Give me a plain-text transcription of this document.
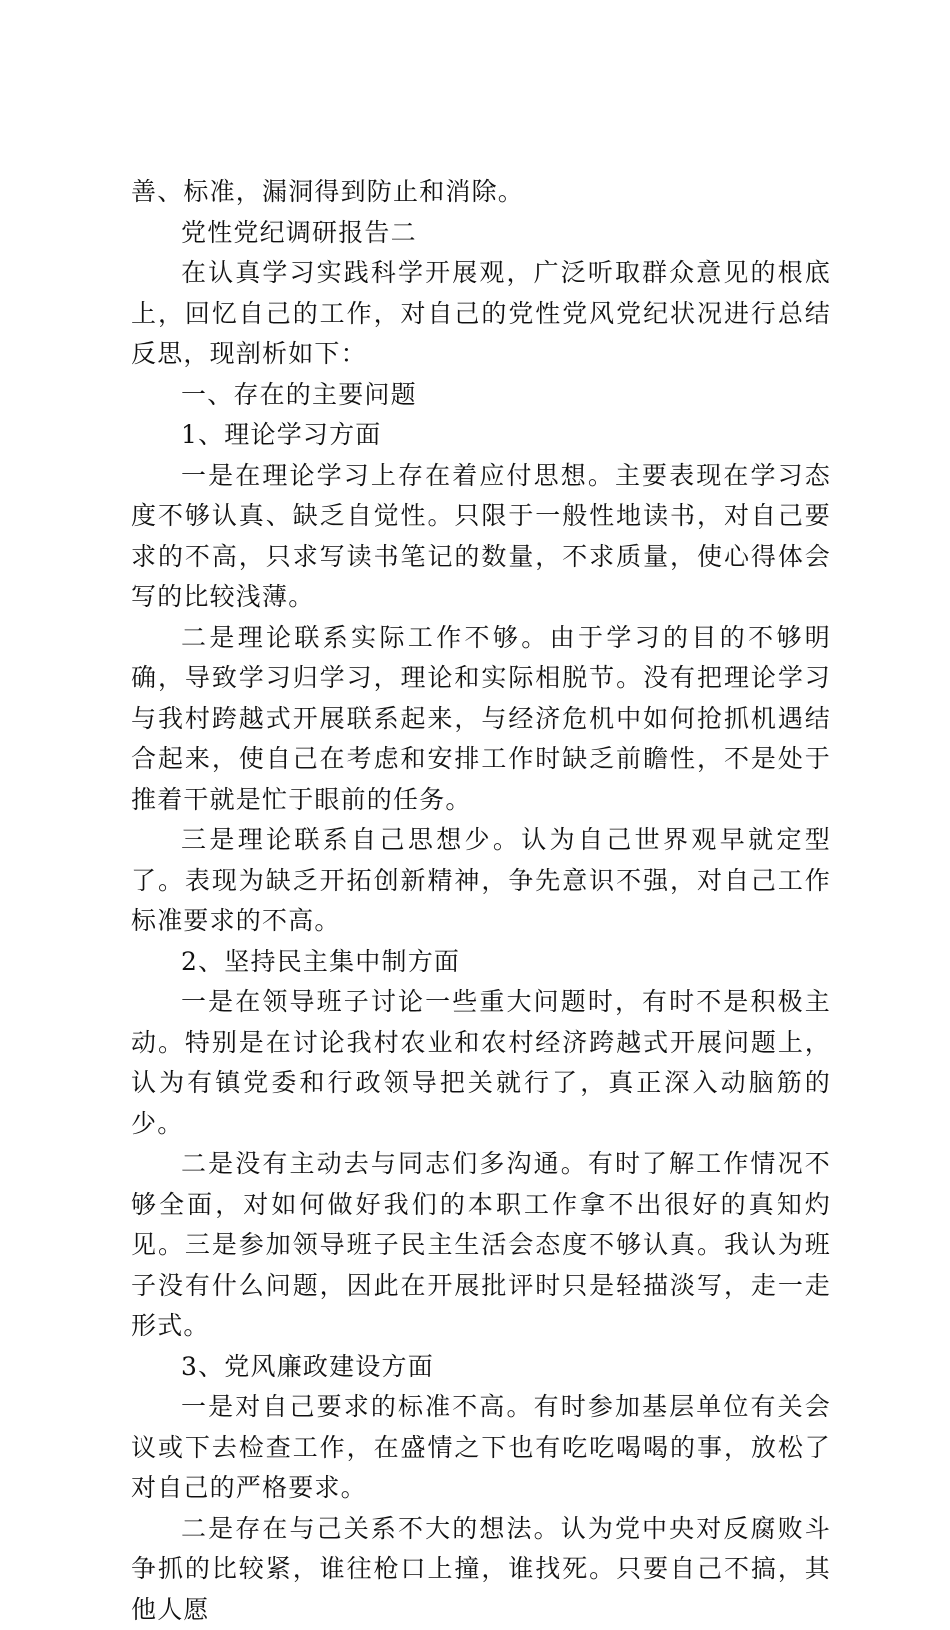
善、标准，漏洞得到防止和消除。

党性党纪调研报告二

在认真学习实践科学开展观，广泛听取群众意见的根底上，回忆自己的工作，对自己的党性党风党纪状况进行总结反思，现剖析如下：

一、存在的主要问题

1、理论学习方面

一是在理论学习上存在着应付思想。主要表现在学习态度不够认真、缺乏自觉性。只限于一般性地读书，对自己要求的不高，只求写读书笔记的数量，不求质量，使心得体会写的比较浅薄。

二是理论联系实际工作不够。由于学习的目的不够明确，导致学习归学习，理论和实际相脱节。没有把理论学习与我村跨越式开展联系起来，与经济危机中如何抢抓机遇结合起来，使自己在考虑和安排工作时缺乏前瞻性，不是处于推着干就是忙于眼前的任务。

三是理论联系自己思想少。认为自己世界观早就定型了。表现为缺乏开拓创新精神，争先意识不强，对自己工作标准要求的不高。

2、坚持民主集中制方面

一是在领导班子讨论一些重大问题时，有时不是积极主动。特别是在讨论我村农业和农村经济跨越式开展问题上，认为有镇党委和行政领导把关就行了，真正深入动脑筋的少。

二是没有主动去与同志们多沟通。有时了解工作情况不够全面，对如何做好我们的本职工作拿不出很好的真知灼见。三是参加领导班子民主生活会态度不够认真。我认为班子没有什么问题，因此在开展批评时只是轻描淡写，走一走形式。

3、党风廉政建设方面

一是对自己要求的标准不高。有时参加基层单位有关会议或下去检查工作，在盛情之下也有吃吃喝喝的事，放松了对自己的严格要求。

二是存在与己关系不大的想法。认为党中央对反腐败斗争抓的比较紧，谁往枪口上撞，谁找死。只要自己不搞，其他人愿
